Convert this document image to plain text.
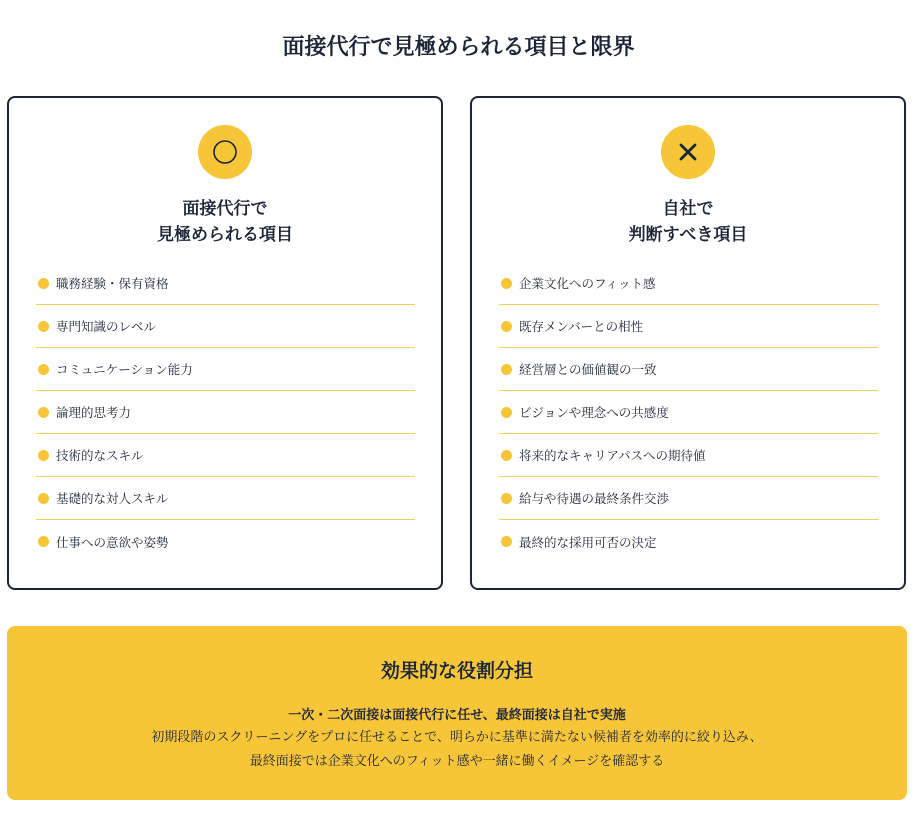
面接代行で見極められる項目と限界
面接代行で
見極められる項目
職務経験・保有資格
専門知識のレベル
コミュニケーション能力
論理的思考力
技術的なスキル
基礎的な対人スキル
仕事への意欲や姿勢
自社で
判断すべき項目
企業文化へのフィット感
既存メンバーとの相性
経営層との価値観の一致
ビジョンや理念への共感度
将来的なキャリアパスへの期待値
給与や待遇の最終条件交渉
最終的な採用可否の決定
効果的な役割分担

一次・二次面接は面接代行に任せ、最終面接は自社で実施

初期段階のスクリーニングをプロに任せることで、明らかに基準に満たない候補者を効率的に絞り込み、
最終面接では企業文化へのフィット感や一緒に働くイメージを確認する
